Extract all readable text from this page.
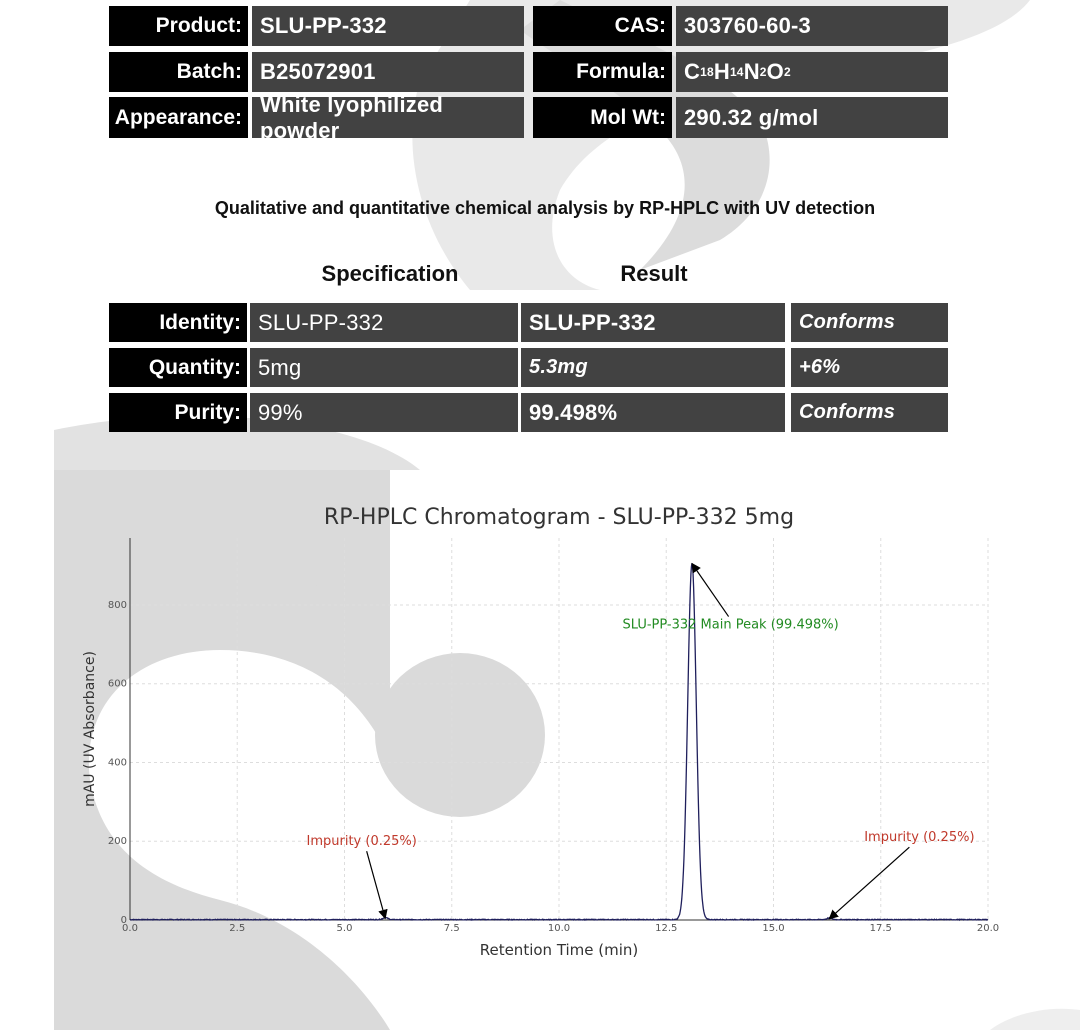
Product: SLU-PP-332
Batch: B25072901
Appearance:
White lyophilized powder
CAS: 303760-60-3
Formula: C 18 H 14 N 2 O 2
Mol Wt: 290.32 g/mol
Qualitative and quantitative chemical analysis by RP-HPLC with UV detection
Specification	Result
Identity: SLU-PP-332	SLU-PP-332	Conforms
Quantity: 5mg	5.3mg	+6%
Purity: 99%	99.498%	Conforms
0.0	2.5	5.0	7.5	10.0	12.5	15.0	17.5	20.0
0
200
400
600
800
RP-HPLC Chromatogram - SLU-PP-332 5mg
Retention Time (min)
mAU (UV Absorbance)
SLU-PP-332 Main Peak (99.498%)
Impurity (0.25%)	Impurity (0.25%)
